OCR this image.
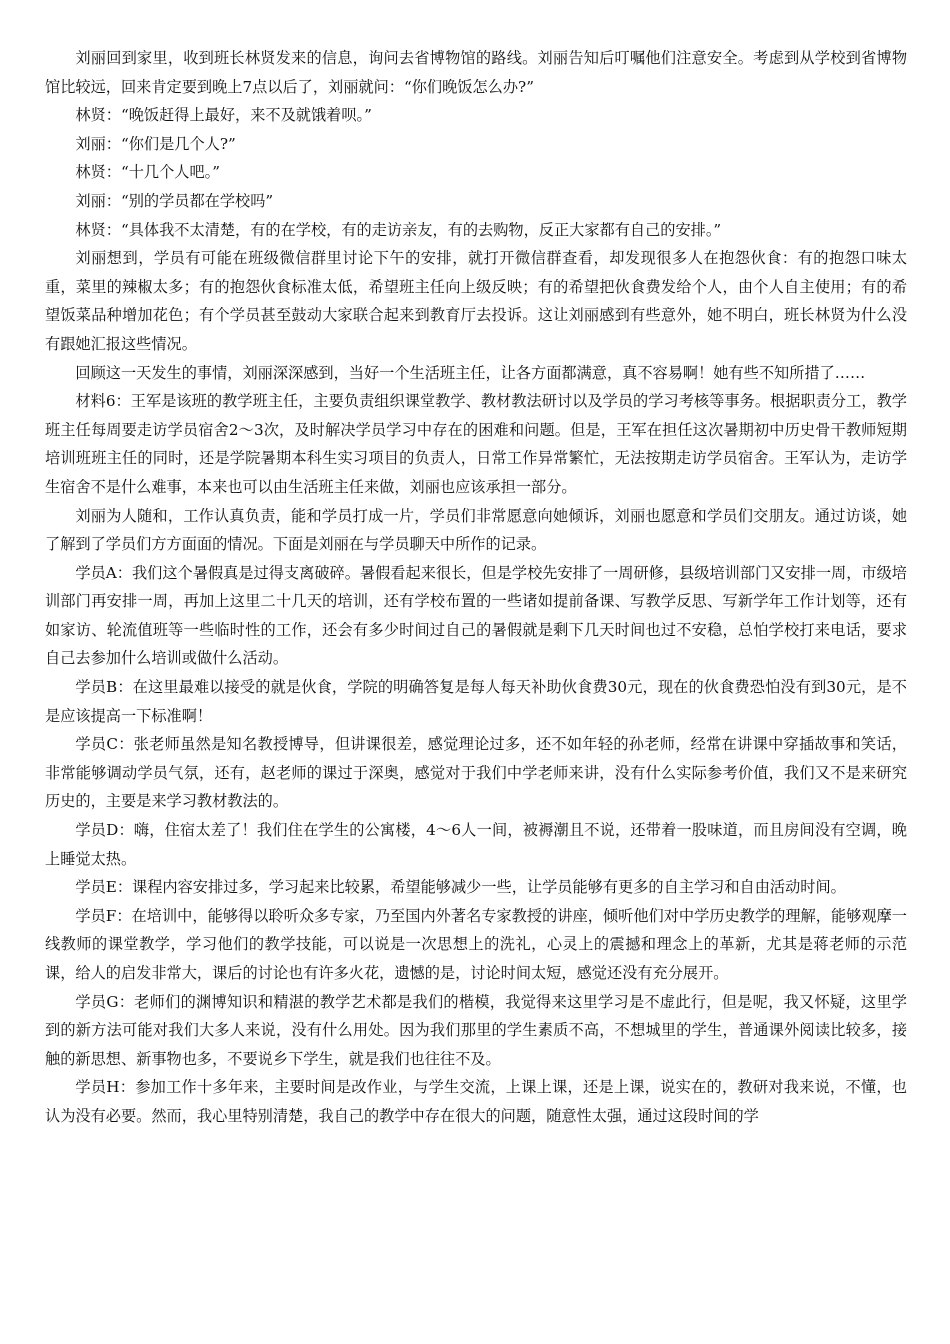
刘丽回到家里，收到班长林贤发来的信息，询问去省博物馆的路线。刘丽告知后叮嘱他们注意安全。考虑到从学校到省博物馆比较远，回来肯定要到晚上7点以后了，刘丽就问：“你们晚饭怎么办?”

林贤：“晚饭赶得上最好，来不及就饿着呗。”

刘丽：“你们是几个人?”

林贤：“十几个人吧。”

刘丽：“别的学员都在学校吗”

林贤：“具体我不太清楚，有的在学校，有的走访亲友，有的去购物，反正大家都有自己的安排。”

刘丽想到，学员有可能在班级微信群里讨论下午的安排，就打开微信群查看，却发现很多人在抱怨伙食：有的抱怨口味太重，菜里的辣椒太多；有的抱怨伙食标准太低，希望班主任向上级反映；有的希望把伙食费发给个人，由个人自主使用；有的希望饭菜品种增加花色；有个学员甚至鼓动大家联合起来到教育厅去投诉。这让刘丽感到有些意外，她不明白，班长林贤为什么没有跟她汇报这些情况。

回顾这一天发生的事情，刘丽深深感到，当好一个生活班主任，让各方面都满意，真不容易啊！她有些不知所措了……

材料6：王军是该班的教学班主任，主要负责组织课堂教学、教材教法研讨以及学员的学习考核等事务。根据职责分工，教学班主任每周要走访学员宿舍2～3次，及时解决学员学习中存在的困难和问题。但是，王军在担任这次暑期初中历史骨干教师短期培训班班主任的同时，还是学院暑期本科生实习项目的负责人，日常工作异常繁忙，无法按期走访学员宿舍。王军认为，走访学生宿舍不是什么难事，本来也可以由生活班主任来做，刘丽也应该承担一部分。

刘丽为人随和，工作认真负责，能和学员打成一片，学员们非常愿意向她倾诉，刘丽也愿意和学员们交朋友。通过访谈，她了解到了学员们方方面面的情况。下面是刘丽在与学员聊天中所作的记录。

学员A：我们这个暑假真是过得支离破碎。暑假看起来很长，但是学校先安排了一周研修，县级培训部门又安排一周，市级培训部门再安排一周，再加上这里二十几天的培训，还有学校布置的一些诸如提前备课、写教学反思、写新学年工作计划等，还有如家访、轮流值班等一些临时性的工作，还会有多少时间过自己的暑假就是剩下几天时间也过不安稳，总怕学校打来电话，要求自己去参加什么培训或做什么活动。

学员B：在这里最难以接受的就是伙食，学院的明确答复是每人每天补助伙食费30元，现在的伙食费恐怕没有到30元，是不是应该提高一下标准啊！

学员C：张老师虽然是知名教授博导，但讲课很差，感觉理论过多，还不如年轻的孙老师，经常在讲课中穿插故事和笑话，非常能够调动学员气氛，还有，赵老师的课过于深奥，感觉对于我们中学老师来讲，没有什么实际参考价值，我们又不是来研究历史的，主要是来学习教材教法的。

学员D：嗨，住宿太差了！我们住在学生的公寓楼，4～6人一间，被褥潮且不说，还带着一股味道，而且房间没有空调，晚上睡觉太热。

学员E：课程内容安排过多，学习起来比较累，希望能够减少一些，让学员能够有更多的自主学习和自由活动时间。

学员F：在培训中，能够得以聆听众多专家，乃至国内外著名专家教授的讲座，倾听他们对中学历史教学的理解，能够观摩一线教师的课堂教学，学习他们的教学技能，可以说是一次思想上的洗礼，心灵上的震撼和理念上的革新，尤其是蒋老师的示范课，给人的启发非常大，课后的讨论也有许多火花，遗憾的是，讨论时间太短，感觉还没有充分展开。

学员G：老师们的渊博知识和精湛的教学艺术都是我们的楷模，我觉得来这里学习是不虚此行，但是呢，我又怀疑，这里学到的新方法可能对我们大多人来说，没有什么用处。因为我们那里的学生素质不高，不想城里的学生，普通课外阅读比较多，接触的新思想、新事物也多，不要说乡下学生，就是我们也往往不及。

学员H：参加工作十多年来，主要时间是改作业，与学生交流，上课上课，还是上课，说实在的，教研对我来说，不懂，也认为没有必要。然而，我心里特别清楚，我自己的教学中存在很大的问题，随意性太强，通过这段时间的学
